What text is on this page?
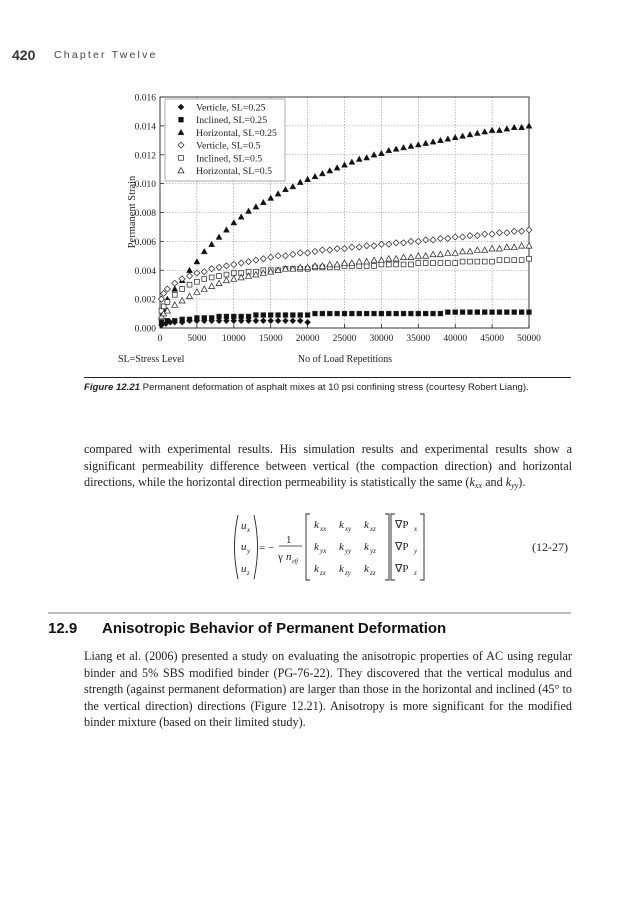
420 Chapter Twelve
Verticle, SL=0.25
Inclined, SL=0.25
Horizontal, SL=0.25
Verticle, SL=0.5
Inclined, SL=0.5
Horizontal, SL=0.5
0	5000 10000 15000 20000 25000 30000 35000 40000 45000 50000
0.000
0.002
0.004
0.006
0.008
0.010
0.012
0.014
0.016
No of Load Repetitions
Permanent Strain
SL=Stress Level
Figure 12.21 Permanent deformation of asphalt mixes at 10 psi confining stress (courtesy Robert Liang).
compared with experimental results. His simulation results and experimental results show a significant permeability difference between vertical (the compaction direction) and horizontal directions, while the horizontal direction permeability is statistically the same ($k_{xx}$ and $k_{yy}$).
u x
u y
u z
= −
1
γ n eff
k xx k xy k xz
k yx k yy k yz
k zx k zy k zz
∇P x
∇P y
∇P z
(12-27)
12.9 Anisotropic Behavior of Permanent Deformation
Liang et al. (2006) presented a study on evaluating the anisotropic properties of AC using regular binder and 5% SBS modified binder (PG-76-22). They discovered that the vertical modulus and strength (against permanent deformation) are larger than those in the horizontal and inclined (45° to the vertical direction) directions (Figure 12.21). Anisotropy is more significant for the modified binder mixture (based on their limited study).
